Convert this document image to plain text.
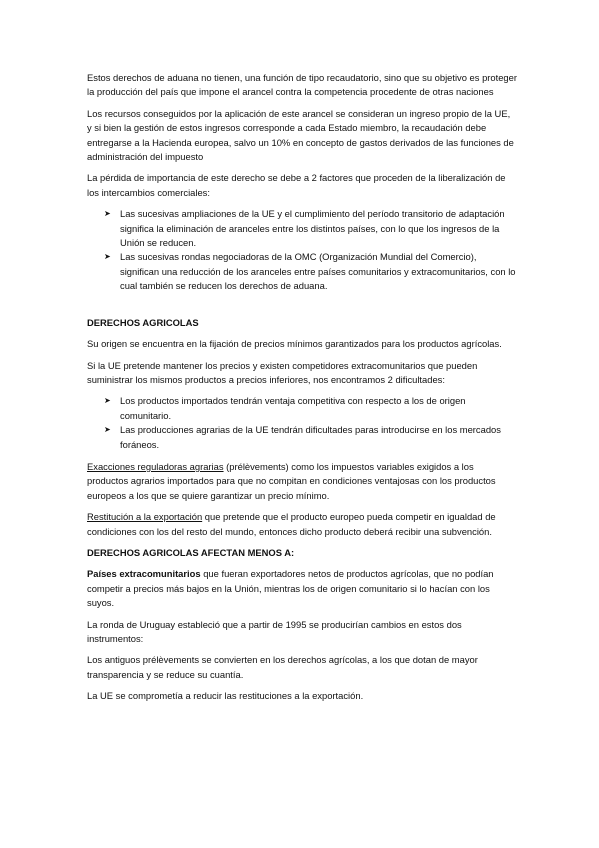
Estos derechos de aduana no tienen, una función de tipo recaudatorio, sino que su objetivo es proteger la producción del país que impone el arancel contra la competencia procedente de otras naciones

Los recursos conseguidos por la aplicación de este arancel se consideran un ingreso propio de la UE, y si bien la gestión de estos ingresos corresponde a cada Estado miembro, la recaudación debe entregarse a la Hacienda europea, salvo un 10% en concepto de gastos derivados de las funciones de administración del impuesto

La pérdida de importancia de este derecho se debe a 2 factores que proceden de la liberalización de los intercambios comerciales:

➤ Las sucesivas ampliaciones de la UE y el cumplimiento del período transitorio de adaptación significa la eliminación de aranceles entre los distintos países, con lo que los ingresos de la Unión se reducen.
➤ Las sucesivas rondas negociadoras de la OMC (Organización Mundial del Comercio), significan una reducción de los aranceles entre países comunitarios y extracomunitarios, con lo cual también se reducen los derechos de aduana.

DERECHOS AGRICOLAS

Su origen se encuentra en la fijación de precios mínimos garantizados para los productos agrícolas.

Si la UE pretende mantener los precios y existen competidores extracomunitarios que pueden suministrar los mismos productos a precios inferiores, nos encontramos 2 dificultades:

➤ Los productos importados tendrán ventaja competitiva con respecto a los de origen comunitario.
➤ Las producciones agrarias de la UE tendrán dificultades paras introducirse en los mercados foráneos.

Exacciones reguladoras agrarias (prélèvements) como los impuestos variables exigidos a los productos agrarios importados para que no compitan en condiciones ventajosas con los productos europeos a los que se quiere garantizar un precio mínimo.

Restitución a la exportación que pretende que el producto europeo pueda competir en igualdad de condiciones con los del resto del mundo, entonces dicho producto deberá recibir una subvención.

DERECHOS AGRICOLAS AFECTAN MENOS A:

Países extracomunitarios que fueran exportadores netos de productos agrícolas, que no podían competir a precios más bajos en la Unión, mientras los de origen comunitario si lo hacían con los suyos.

La ronda de Uruguay estableció que a partir de 1995 se producirían cambios en estos dos instrumentos:

Los antiguos prélèvements se convierten en los derechos agrícolas, a los que dotan de mayor transparencia y se reduce su cuantía.

La UE se comprometía a reducir las restituciones a la exportación.
